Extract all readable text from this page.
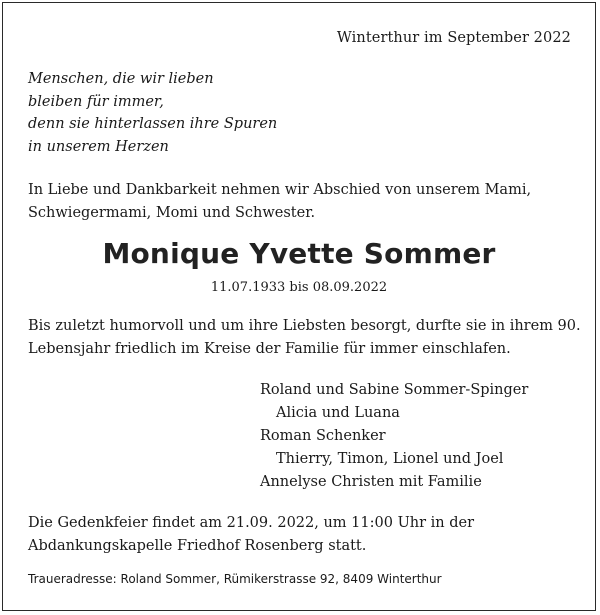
Winterthur im September 2022
Menschen, die wir lieben
bleiben für immer,
denn sie hinterlassen ihre Spuren
in unserem Herzen
In Liebe und Dankbarkeit nehmen wir Abschied von unserem Mami, Schwiegermami, Momi und Schwester.
Monique Yvette Sommer
11.07.1933 bis 08.09.2022
Bis zuletzt humorvoll und um ihre Liebsten besorgt, durfte sie in ihrem 90. Lebensjahr friedlich im Kreise der Familie für immer einschlafen.
Roland und Sabine Sommer-Spinger
Alicia und Luana
Roman Schenker
Thierry, Timon, Lionel und Joel
Annelyse Christen mit Familie
Die Gedenkfeier findet am 21.09. 2022, um 11:00 Uhr in der Abdankungskapelle Friedhof Rosenberg statt.
Traueradresse: Roland Sommer, Rümikerstrasse 92, 8409 Winterthur
